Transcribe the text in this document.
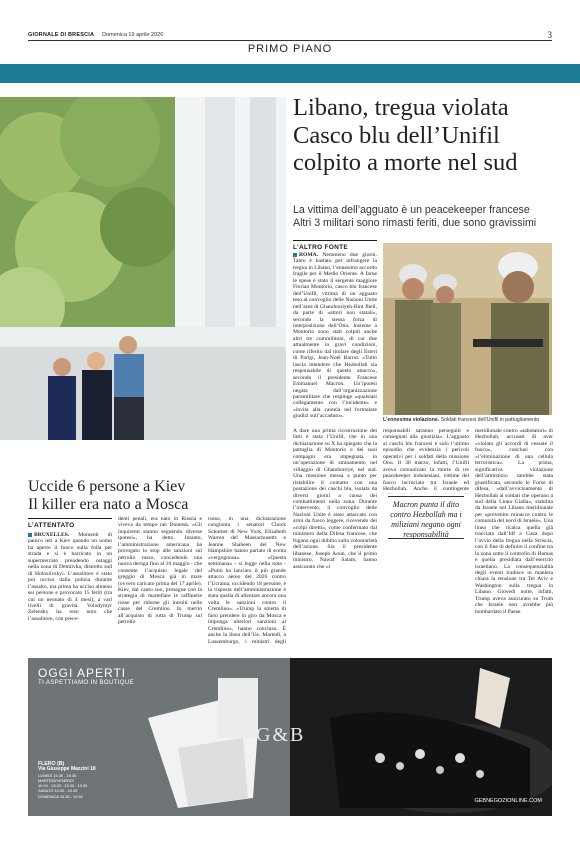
GIORNALE DI BRESCIA Domenica 19 aprile 2026	3
PRIMO PIANO
Libano, tregua violata
Casco blu dell’Unifil
colpito a morte nel sud
La vittima dell’agguato è un peacekeeper francese
Altri 3 militari sono rimasti feriti, due sono gravissimi
L’ALTRO FONTE
L’ennesima violazione. Soldati francesi dell’Unifil in pattugliamento
ROMA. Nemmeno due giorni. Tanto è bastato per infrangere la tregua in Libano, l’ennesimo accordo fragile per il Medio Oriente. A farne le spese è stato il sergente maggiore Florian Montorio, casco blu francese dell’Unifil, vittima di un agguato teso al convoglio delle Nazioni Unite nell’area di Ghandouriyeh-Bint Jbeil, da parte di «attori non statali», secondo la stessa forza di interposizione dell’Onu. Insieme a Montorio sono stati colpiti anche altri tre commilitoni, di cui due attualmente in gravi condizioni, come riferito dal titolare degli Esteri di Parigi, Jean-Noël Barrot. «Tutto lascia intendere che Hezbollah sia responsabile di questo attacco», secondo il presidente Francese Emmanuel Macron. Un’ipotesi negata dall’organizzazione paramilitare che respinge «qualsiasi collegamento con l’incidente» e «invita alla cautela nel formulare giudizi sull’accaduto».
A dare una prima ricostruzione dei fatti è stata l’Unifil, che in una dichiarazione su X ha spiegato che la pattuglia di Montorio e dei suoi compagni era impegnata in un’operazione di sminamento nel villaggio di Ghandouriyé, nel sud. Una missione messa a punto per ristabilire il contatto con una postazione dei caschi blu, isolata da diversi giorni a causa dei combattimenti nella zona. Durante l’intervento, il convoglio delle Nazioni Unite è stato attaccato con armi da fuoco leggere, ricevendo dei «colpi diretti», come confermato dal ministero della Difesa francese, che fugano ogni dubbio sulla volontarietà dell’azione. Sia il presidente libanese, Joseph Aoun, che il primo ministro, Nawaf Salam, hanno assicurato che «i
responsabili saranno perseguiti e consegnati alla giustizia». L’agguato ai caschi blu francesi è solo l’ultimo episodio che evidenzia i pericoli operativi per i soldati della missione Onu. Il 30 marzo, infatti, l’Unifil aveva comunicato la morte di tre peacekeeper indonesiani, vittime del fuoco incrociato tra Israele ed Hezbollah. Anche il contingente
Macron punta il dito contro Hezbollah ma i miliziani negano ogni responsabilità
meridionale contro «sabotatori» di Hezbollah, accusati di aver «violato gli accordi di cessate il fuoco», conclusi con «l’eliminazione di una cellula terroristica». La prima, significativa violazione dell’armistizio sarebbe stata giustificata, secondo le Forze di difesa, «dall’avvicinamento di Hezbollah ai soldati che operano a sud della Linea Gialla», stabilita da Israele nel Libano meridionale per «prevenire minacce contro le comunità del nord di Israele». Una linea che ricalca quella già tracciata dall’Idf a Gaza dopo l’avvio della tregua nella Striscia, con il fine di definire il confine tra la zona sotto il controllo di Hamas e quella presidiata dall’esercito israeliano. La consequenzialità degli eventi tradisce in maniera chiara la tensione tra Tel Aviv e Washington sulla tregua in Libano. Giovedì notte, infatti, Trump aveva assicurato su Truth che Israele non avrebbe più bombardato il Paese.
Uccide 6 persone a Kiev
Il killer era nato a Mosca
L’ATTENTATO
BRUXELLES. Momenti di panico ieri a Kiev quando un uomo ha aperto il fuoco sulla folla per strada e si è barricato in un supermercato prendendo ostaggi nella zona di Demiivka, distretto sud di Holosiivskyi. L’assalitore è stato poi ucciso dalla polizia durante l’assalto, ma prima ha ucciso almeno sei persone e provocato 15 feriti (tra cui un neonato di 4 mesi), a vari livelli di gravità. Volodymyr Zelensky ha reso noto che l’assalitore, con prece-
denti penali, era nato in Russia e viveva da tempo nel Donetsk. «Gli inquirenti stanno seguendo diverse ipotesi», ha detto. Intanto, l’amministrazione americana ha prorogato lo stop alle sanzioni sul petrolio russo, concedendo una nuova deroga fino al 16 maggio - che consente l’acquisto legale del greggio di Mosca già in mare (ovvero caricato prima del 17 aprile). Kiev, dal canto suo, prosegue con la strategia di martellare le raffinerie russe per ridurne gli introiti nelle casse del Cremlino. In merito all’acquisto di rotta di Trump sul petrolio
russo, in una dichiarazione congiunta i senatori Chuck Schumer di New York, Elizabeth Warren del Massachusetts e Jeanne Shaheen del New Hampshire hanno parlato di scelta «vergognosa». «Questa settimana» - si legge nella nota - «Putin ha lanciato il più grande attacco aereo del 2026 contro l’Ucraina, uccidendo 18 persone, e la risposta dell’amministrazione è stata quella di allentare ancora una volta le sanzioni contro il Cremlino». «Trump la smetta di farsi prendere in giro da Mosca e imponga ulteriori sanzioni al Cremlino», hanno concluso. È anche la linea dell’Ue. Martedì, a Lussemburgo, i ministri degli
OGGI APERTI
TI ASPETTIAMO IN BOUTIQUE
G&B
FLERO (B)
Via Giuseppe Mazzini 18
LUNEDÌ 15.30 - 19.30
MARTEDÌ/VENERDÌ
10.00 - 13.00 - 15.30 - 19.30
SABATO 10.00 - 19.30
DOMENICA 15.30 - 19.30
GEBNEGOZIONLINE.COM
